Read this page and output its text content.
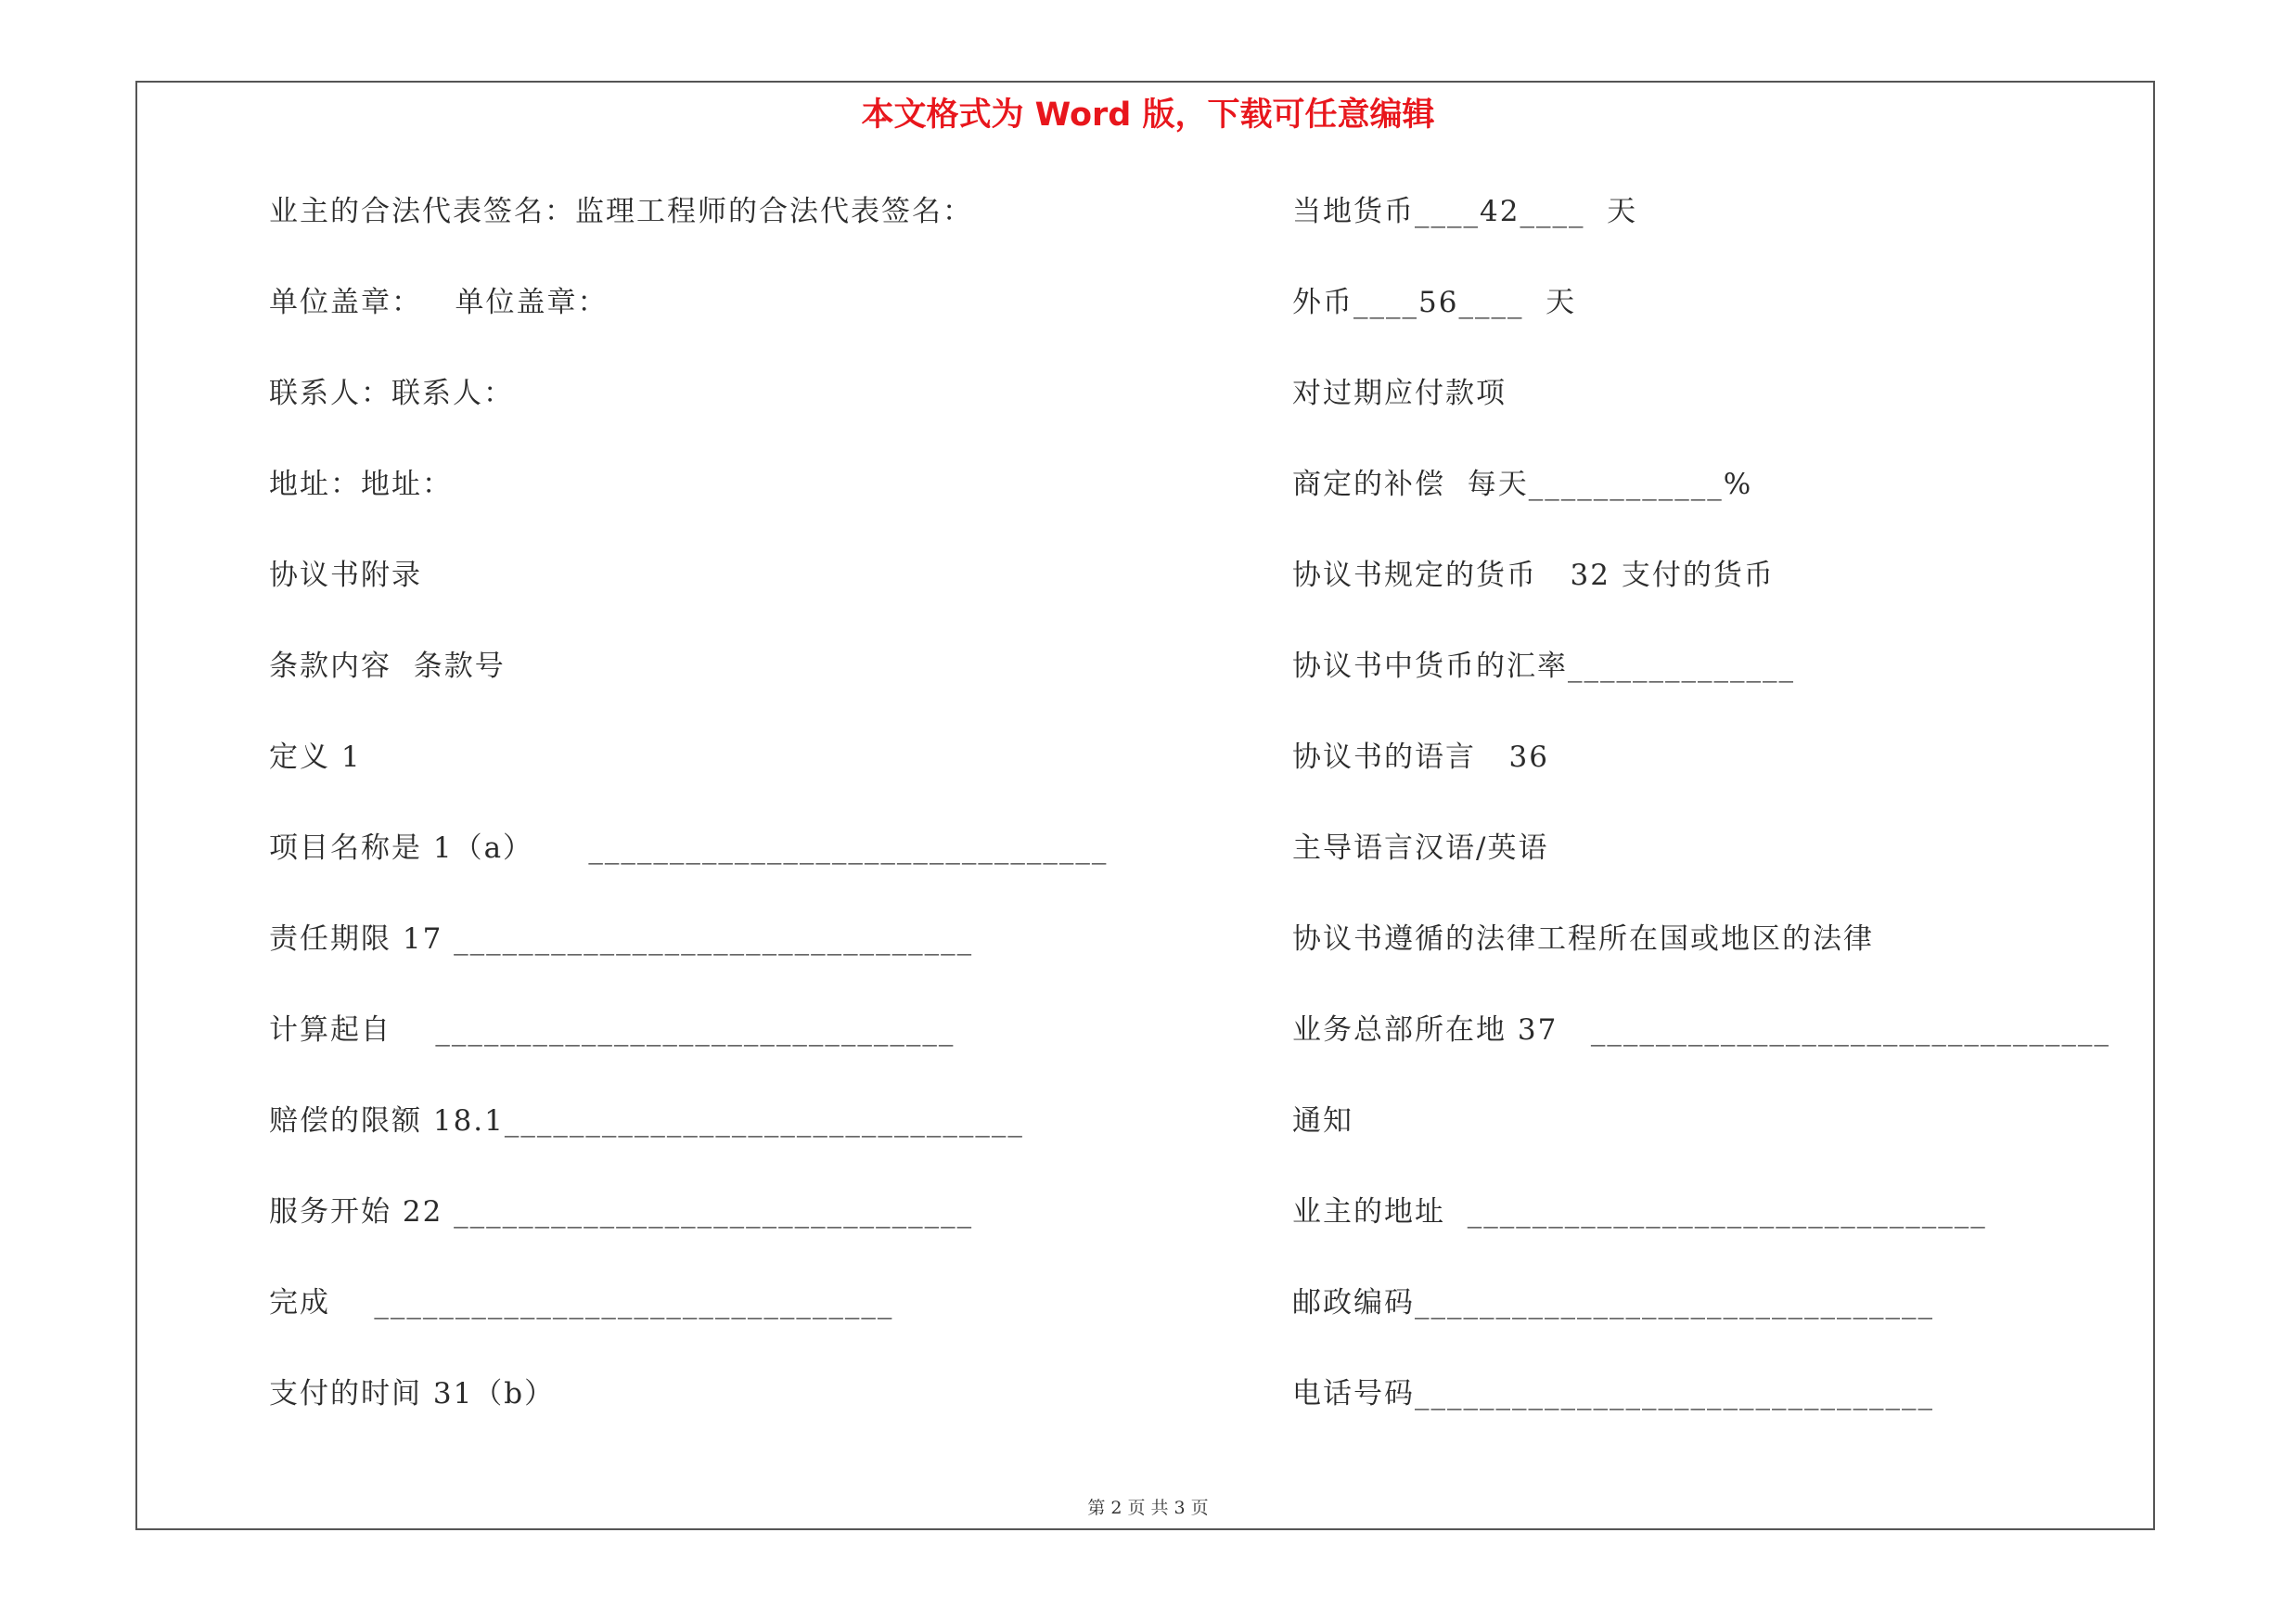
本文格式为 Word 版，下载可任意编辑
业主的合法代表签名：监理工程师的合法代表签名：
单位盖章：   单位盖章：
联系人：联系人：
地址：地址：
协议书附录
条款内容  条款号
定义 1
项目名称是 1（a）     ________________________________
责任期限 17 ________________________________
计算起自    ________________________________
赔偿的限额 18.1________________________________
服务开始 22 ________________________________
完成    ________________________________
支付的时间 31（b）
当地货币____42____  天
外币____56____  天
对过期应付款项
商定的补偿  每天____________%
协议书规定的货币   32 支付的货币
协议书中货币的汇率______________
协议书的语言   36
主导语言汉语/英语
协议书遵循的法律工程所在国或地区的法律
业务总部所在地 37   ________________________________
通知
业主的地址  ________________________________
邮政编码________________________________
电话号码________________________________
第 2 页 共 3 页
